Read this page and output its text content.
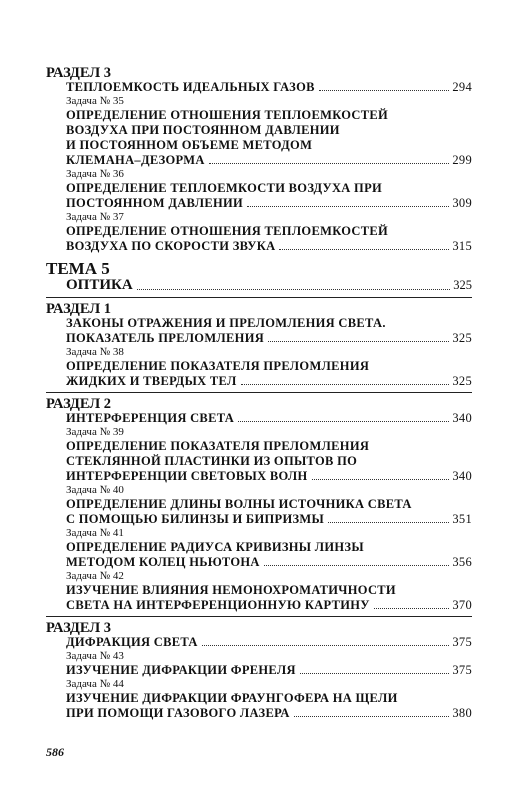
РАЗДЕЛ 3
ТЕПЛОЕМКОСТЬ ИДЕАЛЬНЫХ ГАЗОВ	294
Задача № 35
ОПРЕДЕЛЕНИЕ ОТНОШЕНИЯ ТЕПЛОЕМКОСТЕЙ
ВОЗДУХА ПРИ ПОСТОЯННОМ ДАВЛЕНИИ
И ПОСТОЯННОМ ОБЪЕМЕ МЕТОДОМ
КЛЕМАНА–ДЕЗОРМА	299
Задача № 36
ОПРЕДЕЛЕНИЕ ТЕПЛОЕМКОСТИ ВОЗДУХА ПРИ
ПОСТОЯННОМ ДАВЛЕНИИ	309
Задача № 37
ОПРЕДЕЛЕНИЕ ОТНОШЕНИЯ ТЕПЛОЕМКОСТЕЙ
ВОЗДУХА ПО СКОРОСТИ ЗВУКА	315
ТЕМА 5
ОПТИКА	325
РАЗДЕЛ 1
ЗАКОНЫ ОТРАЖЕНИЯ И ПРЕЛОМЛЕНИЯ СВЕТА.
ПОКАЗАТЕЛЬ ПРЕЛОМЛЕНИЯ	325
Задача № 38
ОПРЕДЕЛЕНИЕ ПОКАЗАТЕЛЯ ПРЕЛОМЛЕНИЯ
ЖИДКИХ И ТВЕРДЫХ ТЕЛ	325
РАЗДЕЛ 2
ИНТЕРФЕРЕНЦИЯ СВЕТА	340
Задача № 39
ОПРЕДЕЛЕНИЕ ПОКАЗАТЕЛЯ ПРЕЛОМЛЕНИЯ
СТЕКЛЯННОЙ ПЛАСТИНКИ ИЗ ОПЫТОВ ПО
ИНТЕРФЕРЕНЦИИ СВЕТОВЫХ ВОЛН	340
Задача № 40
ОПРЕДЕЛЕНИЕ ДЛИНЫ ВОЛНЫ ИСТОЧНИКА СВЕТА
С ПОМОЩЬЮ БИЛИНЗЫ И БИПРИЗМЫ	351
Задача № 41
ОПРЕДЕЛЕНИЕ РАДИУСА КРИВИЗНЫ ЛИНЗЫ
МЕТОДОМ КОЛЕЦ НЬЮТОНА	356
Задача № 42
ИЗУЧЕНИЕ ВЛИЯНИЯ НЕМОНОХРОМАТИЧНОСТИ
СВЕТА НА ИНТЕРФЕРЕНЦИОННУЮ КАРТИНУ	370
РАЗДЕЛ 3
ДИФРАКЦИЯ СВЕТА	375
Задача № 43
ИЗУЧЕНИЕ ДИФРАКЦИИ ФРЕНЕЛЯ	375
Задача № 44
ИЗУЧЕНИЕ ДИФРАКЦИИ ФРАУНГОФЕРА НА ЩЕЛИ
ПРИ ПОМОЩИ ГАЗОВОГО ЛАЗЕРА	380
586
